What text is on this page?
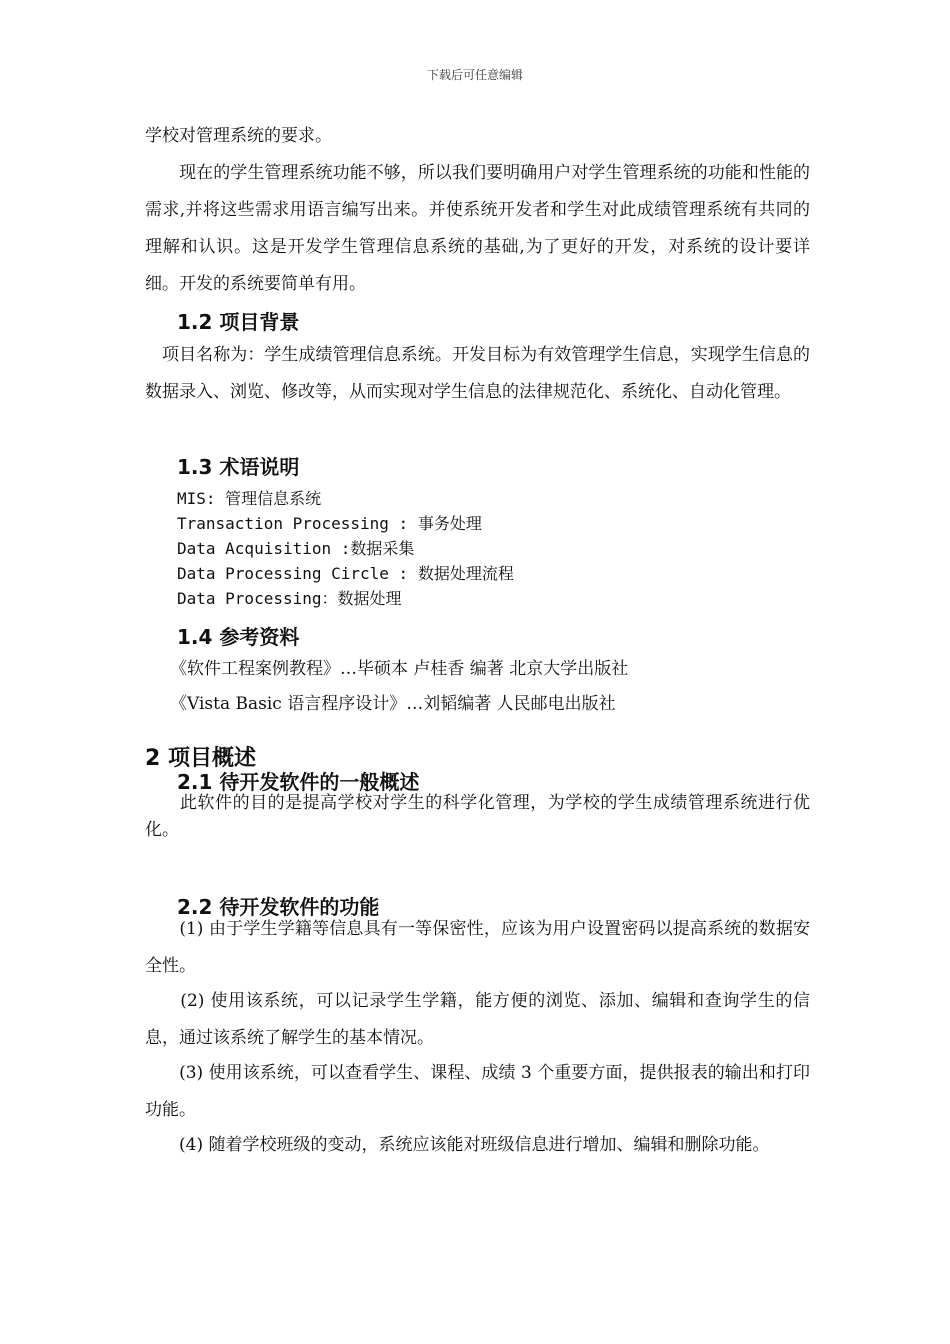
下载后可任意编辑
学校对管理系统的要求。
　　现在的学生管理系统功能不够，所以我们要明确用户对学生管理系统的功能和性能的需求,并将这些需求用语言编写出来。并使系统开发者和学生对此成绩管理系统有共同的理解和认识。这是开发学生管理信息系统的基础,为了更好的开发，对系统的设计要详细。开发的系统要简单有用。
1.2 项目背景
　项目名称为：学生成绩管理信息系统。开发目标为有效管理学生信息，实现学生信息的数据录入、浏览、修改等，从而实现对学生信息的法律规范化、系统化、自动化管理。
1.3 术语说明
MIS: 管理信息系统
Transaction Processing : 事务处理
Data Acquisition :数据采集
Data Processing Circle : 数据处理流程
Data Processing：数据处理
1.4 参考资料
《软件工程案例教程》…毕硕本 卢桂香 编著 北京大学出版社
《Vista Basic 语言程序设计》…刘韬编著 人民邮电出版社
2 项目概述
2.1 待开发软件的一般概述
　　此软件的目的是提高学校对学生的科学化管理，为学校的学生成绩管理系统进行优化。
2.2 待开发软件的功能
　　(1) 由于学生学籍等信息具有一等保密性，应该为用户设置密码以提高系统的数据安全性。
　　(2) 使用该系统，可以记录学生学籍，能方便的浏览、添加、编辑和查询学生的信息，通过该系统了解学生的基本情况。
　　(3) 使用该系统，可以查看学生、课程、成绩 3 个重要方面，提供报表的输出和打印功能。
　　(4) 随着学校班级的变动，系统应该能对班级信息进行增加、编辑和删除功能。
